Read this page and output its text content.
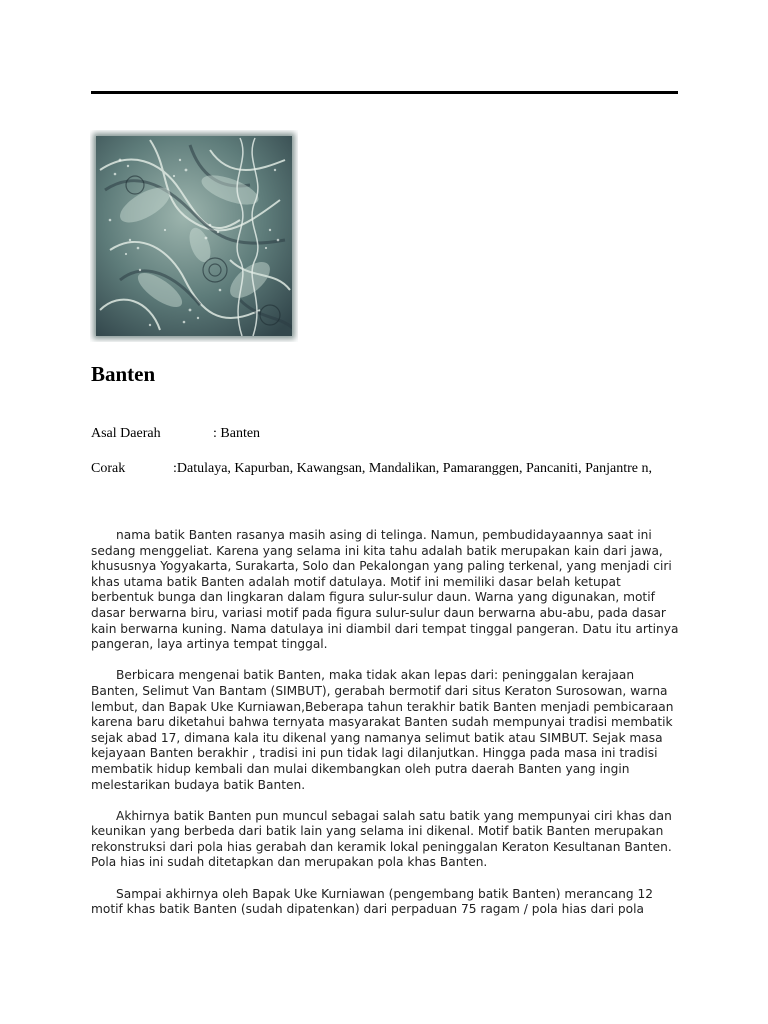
Banten
Asal Daerah	: Banten
Corak	:Datulaya, Kapurban, Kawangsan, Mandalikan, Pamaranggen, Pancaniti, Panjantre n,

nama batik Banten rasanya masih asing di telinga. Namun, pembudidayaannya saat ini sedang menggeliat. Karena yang selama ini kita tahu adalah batik merupakan kain dari jawa, khususnya Yogyakarta, Surakarta, Solo dan Pekalongan yang paling terkenal, yang menjadi ciri khas utama batik Banten adalah motif datulaya. Motif ini memiliki dasar belah ketupat berbentuk bunga dan lingkaran dalam figura sulur-sulur daun. Warna yang digunakan, motif dasar berwarna biru, variasi motif pada figura sulur-sulur daun berwarna abu-abu, pada dasar kain berwarna kuning. Nama datulaya ini diambil dari tempat tinggal pangeran. Datu itu artinya pangeran, laya artinya tempat tinggal.

Berbicara mengenai batik Banten, maka tidak akan lepas dari: peninggalan kerajaan Banten, Selimut Van Bantam (SIMBUT), gerabah bermotif dari situs Keraton Surosowan, warna lembut, dan Bapak Uke Kurniawan,Beberapa tahun terakhir batik Banten menjadi pembicaraan karena baru diketahui bahwa ternyata masyarakat Banten sudah mempunyai tradisi membatik sejak abad 17, dimana kala itu dikenal yang namanya selimut batik atau SIMBUT. Sejak masa kejayaan Banten berakhir , tradisi ini pun tidak lagi dilanjutkan. Hingga pada masa ini tradisi membatik hidup kembali dan mulai dikembangkan oleh putra daerah Banten yang ingin melestarikan budaya batik Banten.

Akhirnya batik Banten pun muncul sebagai salah satu batik yang mempunyai ciri khas dan keunikan yang berbeda dari batik lain yang selama ini dikenal. Motif batik Banten merupakan rekonstruksi dari pola hias gerabah dan keramik lokal peninggalan Keraton Kesultanan Banten. Pola hias ini sudah ditetapkan dan merupakan pola khas Banten.

Sampai akhirnya oleh Bapak Uke Kurniawan (pengembang batik Banten) merancang 12 motif khas batik Banten (sudah dipatenkan) dari perpaduan 75 ragam / pola hias dari pola
